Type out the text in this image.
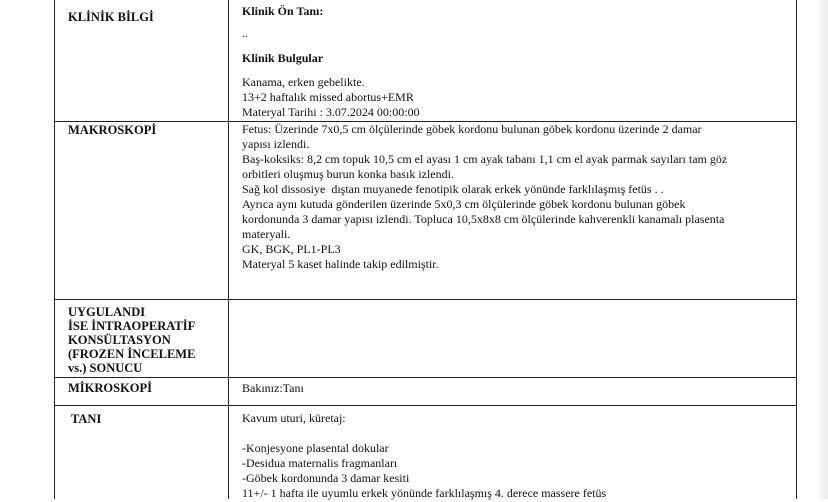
KLİNİK BİLGİ	Klinik Ön Tanı:
..
Klinik Bulgular
Kanama, erken gebelikte.
13+2 haftalık missed abortus+EMR
Materyal Tarihi : 3.07.2024 00:00:00
MAKROSKOPİ	Fetus: Üzerinde 7x0,5 cm ölçülerinde göbek kordonu bulunan göbek kordonu üzerinde 2 damar
yapısı izlendi.
Baş-koksiks: 8,2 cm topuk 10,5 cm el ayası 1 cm ayak tabanı 1,1 cm el ayak parmak sayıları tam göz
orbitleri oluşmuş burun konka basık izlendi.
Sağ kol dissosiye  dıştan muyanede fenotipik olarak erkek yönünde farklılaşmış fetüs . .
Ayrıca aynı kutuda gönderilen üzerinde 5x0,3 cm ölçülerinde göbek kordonu bulunan göbek
kordonunda 3 damar yapısı izlendi. Topluca 10,5x8x8 cm ölçülerinde kahverenkli kanamalı plasenta
materyali.
GK, BGK, PL1-PL3
Materyal 5 kaset halinde takip edilmiştir.
UYGULANDI
İSE İNTRAOPERATİF
KONSÜLTASYON
(FROZEN İNCELEME
vs.) SONUCU
MİKROSKOPİ	Bakınız:Tanı
TANI	Kavum uturi, küretaj:
-Konjesyone plasental dokular
-Desidua maternalis fragmanları
-Göbek kordonunda 3 damar kesiti
11+/- 1 hafta ile uyumlu erkek yönünde farklılaşmış 4. derece massere fetüs
